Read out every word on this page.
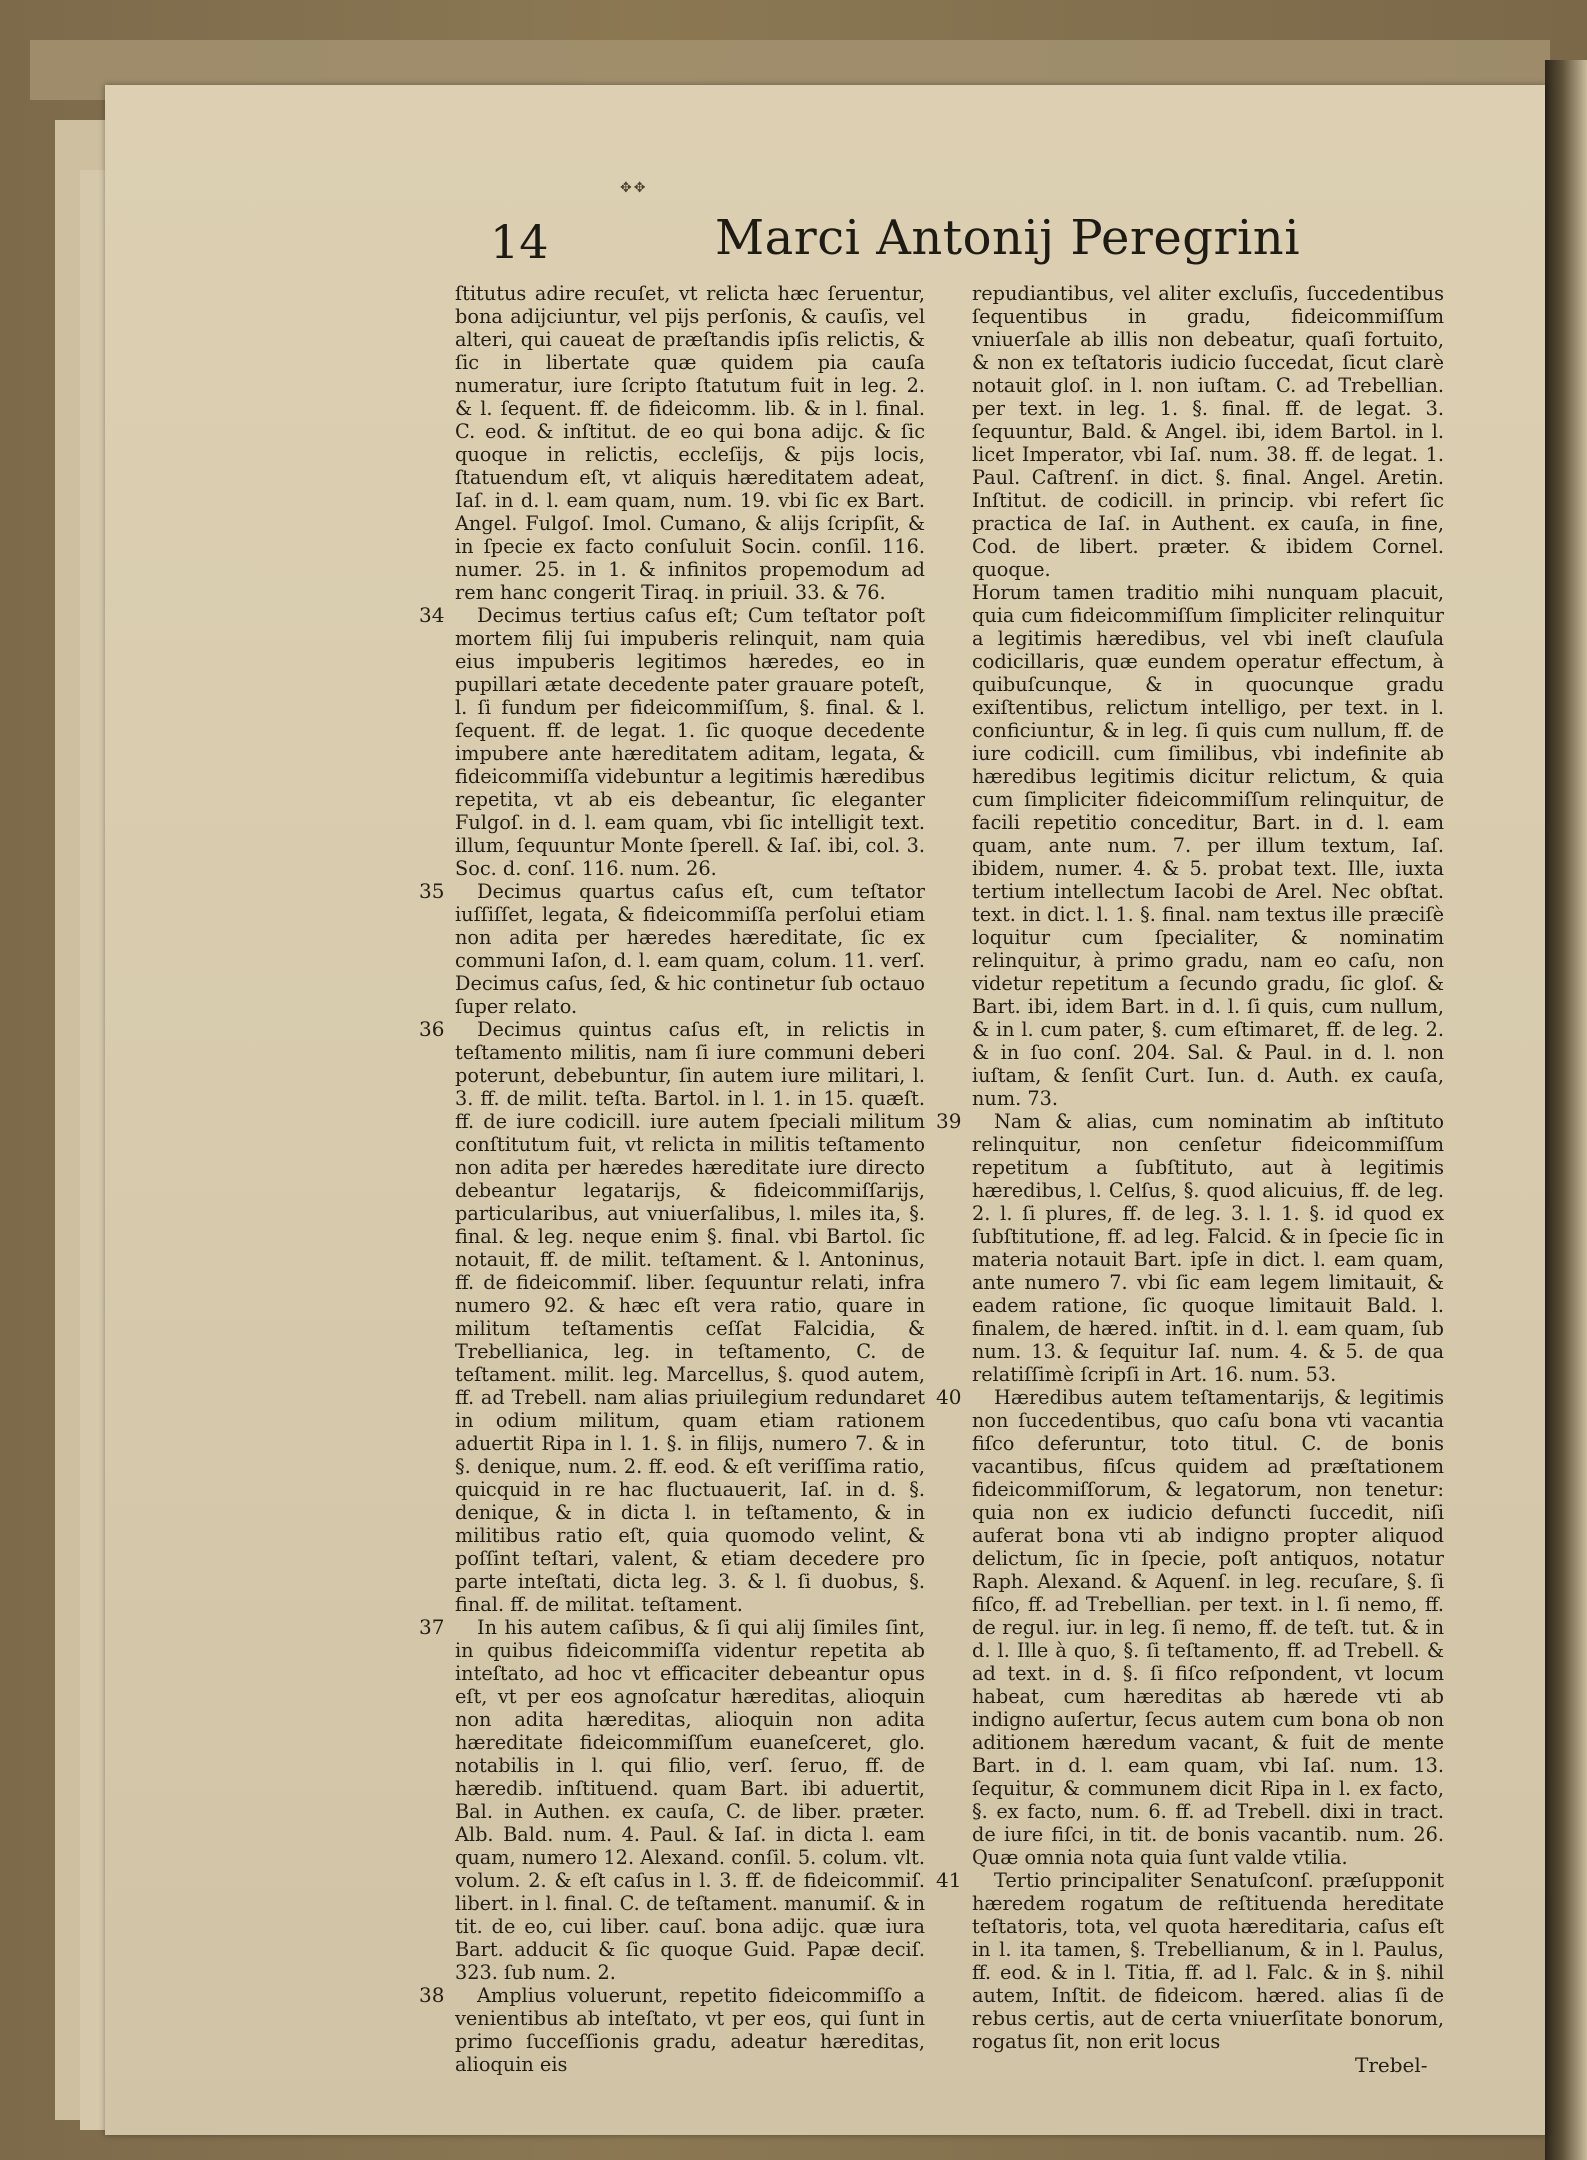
✥✥
14	Marci Antonij Peregrini
ſtitutus adire recuſet, vt relicta hæc ſeruentur, bona adijciuntur, vel pijs perſonis, & cauſis, vel alteri, qui caueat de præſtandis ipſis relictis, & ſic in libertate quæ quidem pia cauſa numeratur, iure ſcripto ſtatutum fuit in leg. 2. & l. ſequent. ff. de fideicomm. lib. & in l. final. C. eod. & inſtitut. de eo qui bona adijc. & ſic quoque in relictis, eccleſijs, & pijs locis, ſtatuendum eſt, vt aliquis hæreditatem adeat, Iaſ. in d. l. eam quam, num. 19. vbi ſic ex Bart. Angel. Fulgoſ. Imol. Cumano, & alijs ſcripſit, & in ſpecie ex facto conſuluit Socin. conſil. 116. numer. 25. in 1. & infinitos propemodum ad rem hanc congerit Tiraq. in priuil. 33. & 76.
34	Decimus tertius caſus eſt; Cum teſtator poſt mortem filij ſui impuberis relinquit, nam quia eius impuberis legitimos hæredes, eo in pupillari ætate decedente pater grauare poteſt, l. ſi fundum per fideicommiſſum, §. final. & l. ſequent. ff. de legat. 1. ſic quoque decedente impubere ante hæreditatem aditam, legata, & fideicommiſſa videbuntur a legitimis hæredibus repetita, vt ab eis debeantur, ſic eleganter Fulgoſ. in d. l. eam quam, vbi ſic intelligit text. illum, ſequuntur Monte ſperell. & Iaſ. ibi, col. 3. Soc. d. conſ. 116. num. 26.
35	Decimus quartus caſus eſt, cum teſtator iuſſiſſet, legata, & fideicommiſſa perſolui etiam non adita per hæredes hæreditate, ſic ex communi Iaſon, d. l. eam quam, colum. 11. verſ. Decimus caſus, ſed, & hic continetur ſub octauo ſuper relato.
36	Decimus quintus caſus eſt, in relictis in teſtamento militis, nam ſi iure communi deberi poterunt, debebuntur, ſin autem iure militari, l. 3. ff. de milit. teſta. Bartol. in l. 1. in 15. quæſt. ff. de iure codicill. iure autem ſpeciali militum conſtitutum fuit, vt relicta in militis teſtamento non adita per hæredes hæreditate iure directo debeantur legatarijs, & fideicommiſſarijs, particularibus, aut vniuerſalibus, l. miles ita, §. final. & leg. neque enim §. final. vbi Bartol. ſic notauit, ff. de milit. teſtament. & l. Antoninus, ff. de fideicommiſ. liber. ſequuntur relati, infra numero 92. & hæc eſt vera ratio, quare in militum teſtamentis ceſſat Falcidia, & Trebellianica, leg. in teſtamento, C. de teſtament. milit. leg. Marcellus, §. quod autem, ff. ad Trebell. nam alias priuilegium redundaret in odium militum, quam etiam rationem aduertit Ripa in l. 1. §. in filijs, numero 7. & in §. denique, num. 2. ff. eod. & eſt veriſſima ratio, quicquid in re hac fluctuauerit, Iaſ. in d. §. denique, & in dicta l. in teſtamento, & in militibus ratio eſt, quia quomodo velint, & poſſint teſtari, valent, & etiam decedere pro parte inteſtati, dicta leg. 3. & l. ſi duobus, §. final. ff. de militat. teſtament.
37	In his autem caſibus, & ſi qui alij ſimiles ſint, in quibus fideicommiſſa videntur repetita ab inteſtato, ad hoc vt efficaciter debeantur opus eſt, vt per eos agnoſcatur hæreditas, alioquin non adita hæreditas, alioquin non adita hæreditate fideicommiſſum euaneſceret, glo. notabilis in l. qui filio, verſ. ſeruo, ff. de hæredib. inſtituend. quam Bart. ibi aduertit, Bal. in Authen. ex cauſa, C. de liber. præter. Alb. Bald. num. 4. Paul. & Iaſ. in dicta l. eam quam, numero 12. Alexand. conſil. 5. colum. vlt. volum. 2. & eſt caſus in l. 3. ff. de fideicommiſ. libert. in l. final. C. de teſtament. manumiſ. & in tit. de eo, cui liber. cauſ. bona adijc. quæ iura Bart. adducit & ſic quoque Guid. Papæ deciſ. 323. ſub num. 2.
38	Amplius voluerunt, repetito fideicommiſſo a venientibus ab inteſtato, vt per eos, qui ſunt in primo ſucceſſionis gradu, adeatur hæreditas, alioquin eis
repudiantibus, vel aliter excluſis, ſuccedentibus ſequentibus in gradu, fideicommiſſum vniuerſale ab illis non debeatur, quaſi fortuito, & non ex teſtatoris iudicio ſuccedat, ſicut clarè notauit gloſ. in l. non iuſtam. C. ad Trebellian. per text. in leg. 1. §. final. ff. de legat. 3. ſequuntur, Bald. & Angel. ibi, idem Bartol. in l. licet Imperator, vbi Iaſ. num. 38. ff. de legat. 1. Paul. Caſtrenſ. in dict. §. final. Angel. Aretin. Inſtitut. de codicill. in princip. vbi refert ſic practica de Iaſ. in Authent. ex cauſa, in fine, Cod. de libert. præter. & ibidem Cornel. quoque.
Horum tamen traditio mihi nunquam placuit, quia cum fideicommiſſum ſimpliciter relinquitur a legitimis hæredibus, vel vbi ineſt clauſula codicillaris, quæ eundem operatur effectum, à quibuſcunque, & in quocunque gradu exiſtentibus, relictum intelligo, per text. in l. conficiuntur, & in leg. ſi quis cum nullum, ff. de iure codicill. cum ſimilibus, vbi indefinite ab hæredibus legitimis dicitur relictum, & quia cum ſimpliciter fideicommiſſum relinquitur, de facili repetitio conceditur, Bart. in d. l. eam quam, ante num. 7. per illum textum, Iaſ. ibidem, numer. 4. & 5. probat text. Ille, iuxta tertium intellectum Iacobi de Arel. Nec obſtat. text. in dict. l. 1. §. final. nam textus ille præciſè loquitur cum ſpecialiter, & nominatim relinquitur, à primo gradu, nam eo caſu, non videtur repetitum a ſecundo gradu, ſic gloſ. & Bart. ibi, idem Bart. in d. l. ſi quis, cum nullum, & in l. cum pater, §. cum eſtimaret, ff. de leg. 2. & in ſuo conſ. 204. Sal. & Paul. in d. l. non iuſtam, & ſenſit Curt. Iun. d. Auth. ex cauſa, num. 73.
39	Nam & alias, cum nominatim ab inſtituto relinquitur, non cenſetur fideicommiſſum repetitum a ſubſtituto, aut à legitimis hæredibus, l. Celſus, §. quod alicuius, ff. de leg. 2. l. ſi plures, ff. de leg. 3. l. 1. §. id quod ex ſubſtitutione, ff. ad leg. Falcid. & in ſpecie ſic in materia notauit Bart. ipſe in dict. l. eam quam, ante numero 7. vbi ſic eam legem limitauit, & eadem ratione, ſic quoque limitauit Bald. l. finalem, de hæred. inſtit. in d. l. eam quam, ſub num. 13. & ſequitur Iaſ. num. 4. & 5. de qua relatiſſimè ſcripſi in Art. 16. num. 53.
40	Hæredibus autem teſtamentarijs, & legitimis non ſuccedentibus, quo caſu bona vti vacantia fiſco deferuntur, toto titul. C. de bonis vacantibus, fiſcus quidem ad præſtationem fideicommiſſorum, & legatorum, non tenetur: quia non ex iudicio defuncti ſuccedit, niſi auferat bona vti ab indigno propter aliquod delictum, ſic in ſpecie, poſt antiquos, notatur Raph. Alexand. & Aquenſ. in leg. recuſare, §. ſi fiſco, ff. ad Trebellian. per text. in l. ſi nemo, ff. de regul. iur. in leg. ſi nemo, ff. de teſt. tut. & in d. l. Ille à quo, §. ſi teſtamento, ff. ad Trebell. & ad text. in d. §. ſi fiſco reſpondent, vt locum habeat, cum hæreditas ab hærede vti ab indigno auſertur, ſecus autem cum bona ob non aditionem hæredum vacant, & fuit de mente Bart. in d. l. eam quam, vbi Iaſ. num. 13. ſequitur, & communem dicit Ripa in l. ex facto, §. ex facto, num. 6. ff. ad Trebell. dixi in tract. de iure fiſci, in tit. de bonis vacantib. num. 26. Quæ omnia nota quia ſunt valde vtilia.
41	Tertio principaliter Senatuſconſ. præſupponit hæredem rogatum de reſtituenda hereditate teſtatoris, tota, vel quota hæreditaria, caſus eſt in l. ita tamen, §. Trebellianum, & in l. Paulus, ff. eod. & in l. Titia, ff. ad l. Falc. & in §. nihil autem, Inſtit. de fideicom. hæred. alias ſi de rebus certis, aut de certa vniuerſitate bonorum, rogatus ſit, non erit locus
Trebel-
